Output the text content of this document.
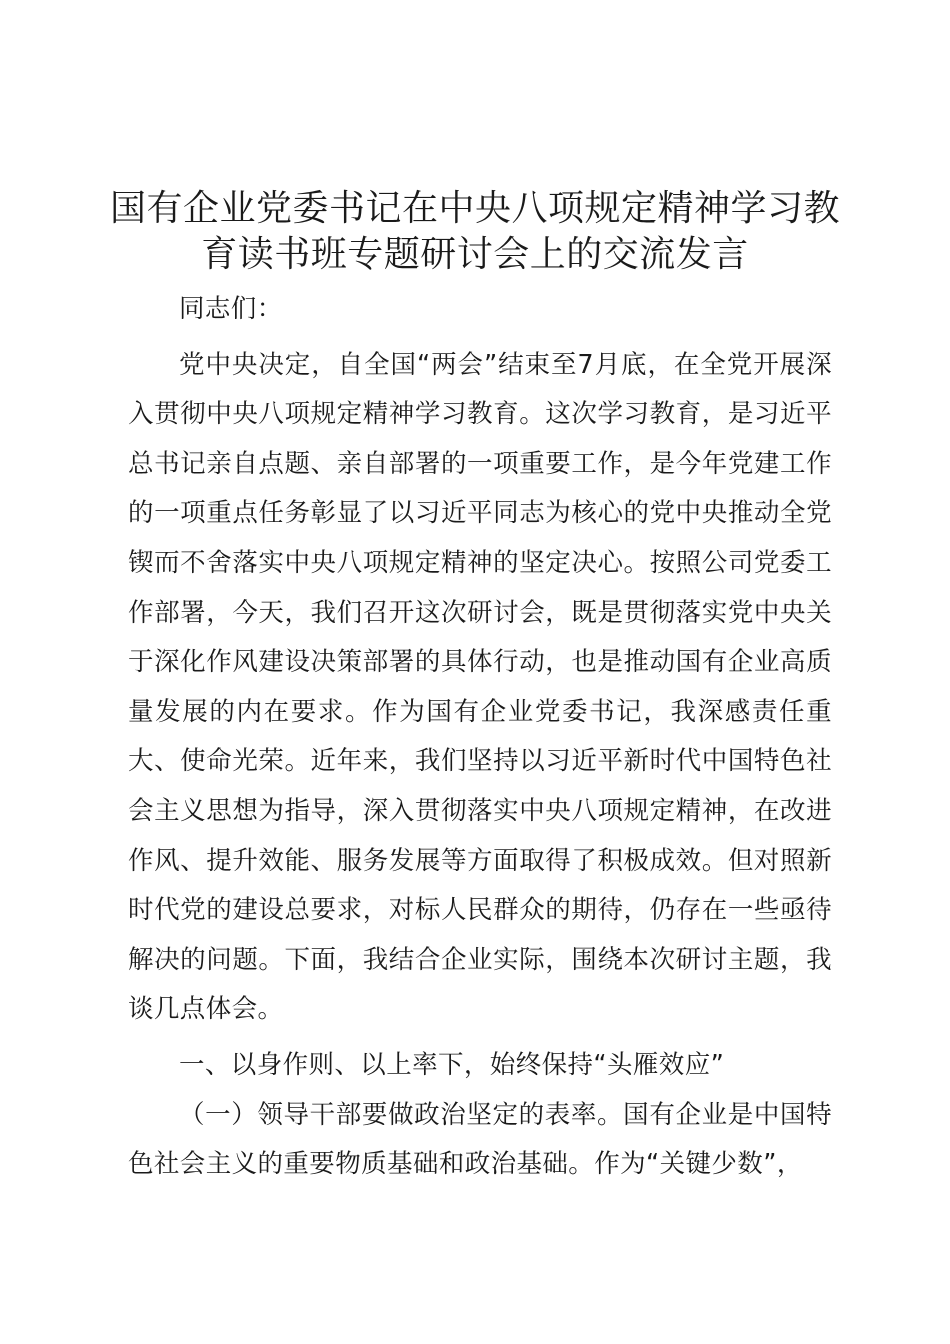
国有企业党委书记在中央八项规定精神学习教育读书班专题研讨会上的交流发言

同志们：

党中央决定，自全国“两会”结束至7月底，在全党开展深入贯彻中央八项规定精神学习教育。这次学习教育，是习近平总书记亲自点题、亲自部署的一项重要工作，是今年党建工作的一项重点任务彰显了以习近平同志为核心的党中央推动全党锲而不舍落实中央八项规定精神的坚定决心。按照公司党委工作部署，今天，我们召开这次研讨会，既是贯彻落实党中央关于深化作风建设决策部署的具体行动，也是推动国有企业高质量发展的内在要求。作为国有企业党委书记，我深感责任重大、使命光荣。近年来，我们坚持以习近平新时代中国特色社会主义思想为指导，深入贯彻落实中央八项规定精神，在改进作风、提升效能、服务发展等方面取得了积极成效。但对照新时代党的建设总要求，对标人民群众的期待，仍存在一些亟待解决的问题。下面，我结合企业实际，围绕本次研讨主题，我谈几点体会。

一、以身作则、以上率下，始终保持“头雁效应”

（一）领导干部要做政治坚定的表率。国有企业是中国特色社会主义的重要物质基础和政治基础。作为“关键少数”，
